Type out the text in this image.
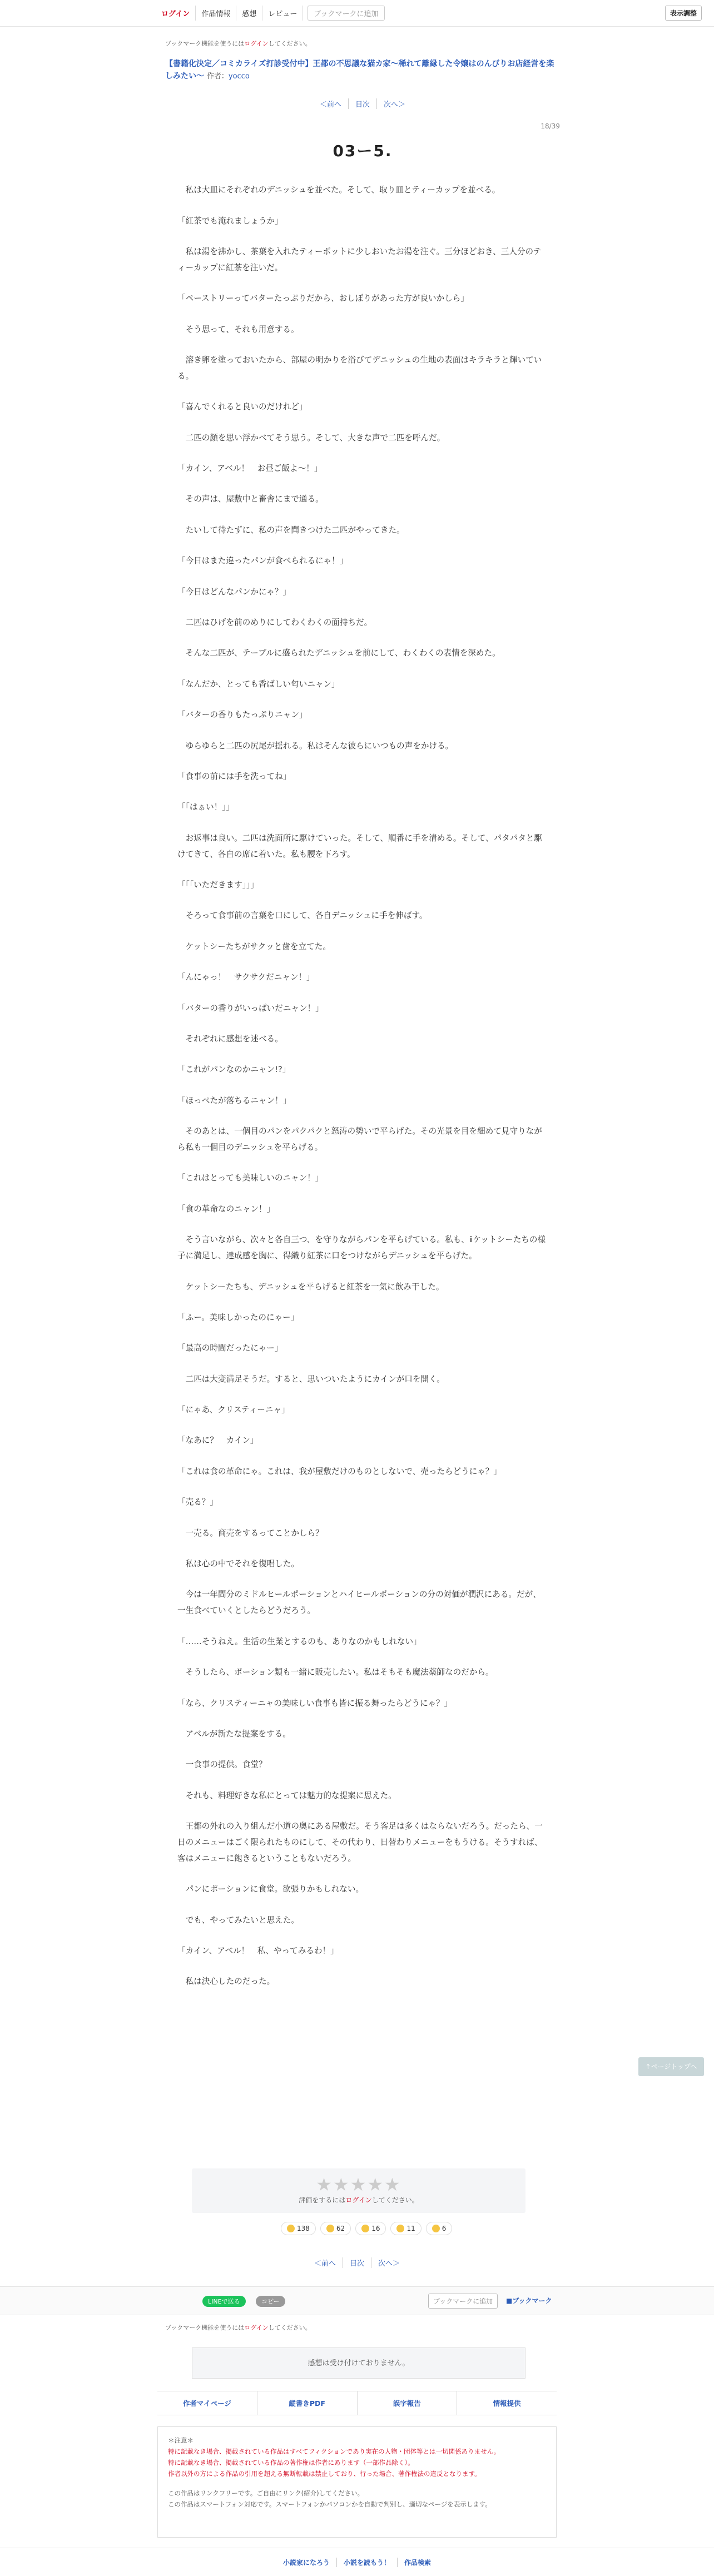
ログイン	作品情報	感想	レビュー	ブックマークに追加	表示調整
ブックマーク機能を使うにはログインしてください。
【書籍化決定／コミカライズ打診受付中】王都の不思議な猫カ家〜稀れて離縁した令嬢はのんびりお店経営を楽しみたい〜 作者：yocco
＜前へ	目次	次へ＞
18/39
03ー5.

私は大皿にそれぞれのデニッシュを並べた。そして、取り皿とティーカップを並べる。

「紅茶でも淹れましょうか」

私は湯を沸かし、茶葉を入れたティーポットに少しおいたお湯を注ぐ。三分ほどおき、三人分のティーカップに紅茶を注いだ。

「ペーストリーってバターたっぷりだから、おしぼりがあった方が良いかしら」

そう思って、それも用意する。

溶き卵を塗っておいたから、部屋の明かりを浴びてデニッシュの生地の表面はキラキラと輝いている。

「喜んでくれると良いのだけれど」

二匹の顔を思い浮かべてそう思う。そして、大きな声で二匹を呼んだ。

「カイン、アベル！　お昼ご飯よ〜！」

その声は、屋敷中と畜舎にまで通る。

たいして待たずに、私の声を聞きつけた二匹がやってきた。

「今日はまた違ったパンが食べられるにゃ！」

「今日はどんなパンかにゃ？」

二匹はひげを前のめりにしてわくわくの面持ちだ。

そんな二匹が、テーブルに盛られたデニッシュを前にして、わくわくの表情を深めた。

「なんだか、とっても香ばしい匂いニャン」

「バターの香りもたっぷりニャン」

ゆらゆらと二匹の尻尾が揺れる。私はそんな彼らにいつもの声をかける。

「食事の前には手を洗ってね」

「「はぁい！」」

お返事は良い。二匹は洗面所に駆けていった。そして、順番に手を清める。そして、パタパタと駆けてきて、各自の席に着いた。私も腰を下ろす。

「「「いただきます」」」

そろって食事前の言葉を口にして、各自デニッシュに手を伸ばす。

ケットシーたちがサクッと歯を立てた。

「んにゃっ！　サクサクだニャン！」

「バターの香りがいっぱいだニャン！」

それぞれに感想を述べる。

「これがパンなのかニャン!?」

「ほっぺたが落ちるニャン！」

そのあとは、一個目のパンをパクパクと怒涛の勢いで平らげた。その光景を目を細めて見守りながら私も一個目のデニッシュを平らげる。

「これはとっても美味しいのニャン！」

「食の革命なのニャン！」

そう言いながら、次々と各自三つ、を守りながらパンを平らげている。私も、ⅱケットシーたちの様子に満足し、達成感を胸に、得織り紅茶に口をつけながらデニッシュを平らげた。

ケットシーたちも、デニッシュを平らげると紅茶を一気に飲み干した。

「ふー。美味しかったのにゃー」

「最高の時間だったにゃー」

二匹は大変満足そうだ。すると、思いついたようにカインが口を開く。

「にゃあ、クリスティーニャ」

「なあに？　カイン」

「これは食の革命にゃ。これは、我が屋敷だけのものとしないで、売ったらどうにゃ？」

「売る？」

一売る。商売をするってことかしら？

私は心の中でそれを復唱した。

今は一年間分のミドルヒールポーションとハイヒールポーションの分の対価が潤沢にある。だが、一生食べていくとしたらどうだろう。

「……そうねえ。生活の生業とするのも、ありなのかもしれない」

そうしたら、ポーション類も一緒に販売したい。私はそもそも魔法薬師なのだから。

「なら、クリスティーニャの美味しい食事も皆に振る舞ったらどうにゃ？」

アベルが新たな提案をする。

一食事の提供。食堂？

それも、料理好きな私にとっては魅力的な提案に思えた。

王都の外れの入り組んだ小道の奥にある屋敷だ。そう客足は多くはならないだろう。だったら、一日のメニューはごく限られたものにして、その代わり、日替わりメニューをもうける。そうすれば、客はメニューに飽きるということもないだろう。

パンにポーションに食堂。欲張りかもしれない。

でも、やってみたいと思えた。

「カイン、アベル！　私、やってみるわ！」

私は決心したのだった。

↑ページトップへ
★★★★★
評価をするにはログインしてください。
138	62	16	11	6
＜前へ	目次	次へ＞
LINEで送る	コピー	ブックマークに追加	■ブックマーク
ブックマーク機能を使うにはログインしてください。
感想は受け付けておりません。
作者マイページ	縦書きPDF	誤字報告	情報提供
＊注意＊
特に記載なき場合、掲載されている作品はすべてフィクションであり実在の人物・団体等とは一切関係ありません。
特に記載なき場合、掲載されている作品の著作権は作者にあります（一部作品除く）。
作者以外の方による作品の引用を超える無断転載は禁止しており、行った場合、著作権法の違反となります。
この作品はリンクフリーです。ご自由にリンク(紹介)してください。
この作品はスマートフォン対応です。スマートフォンかパソコンかを自動で判別し、適切なページを表示します。
小説家になろう	小説を読もう！	作品検索
